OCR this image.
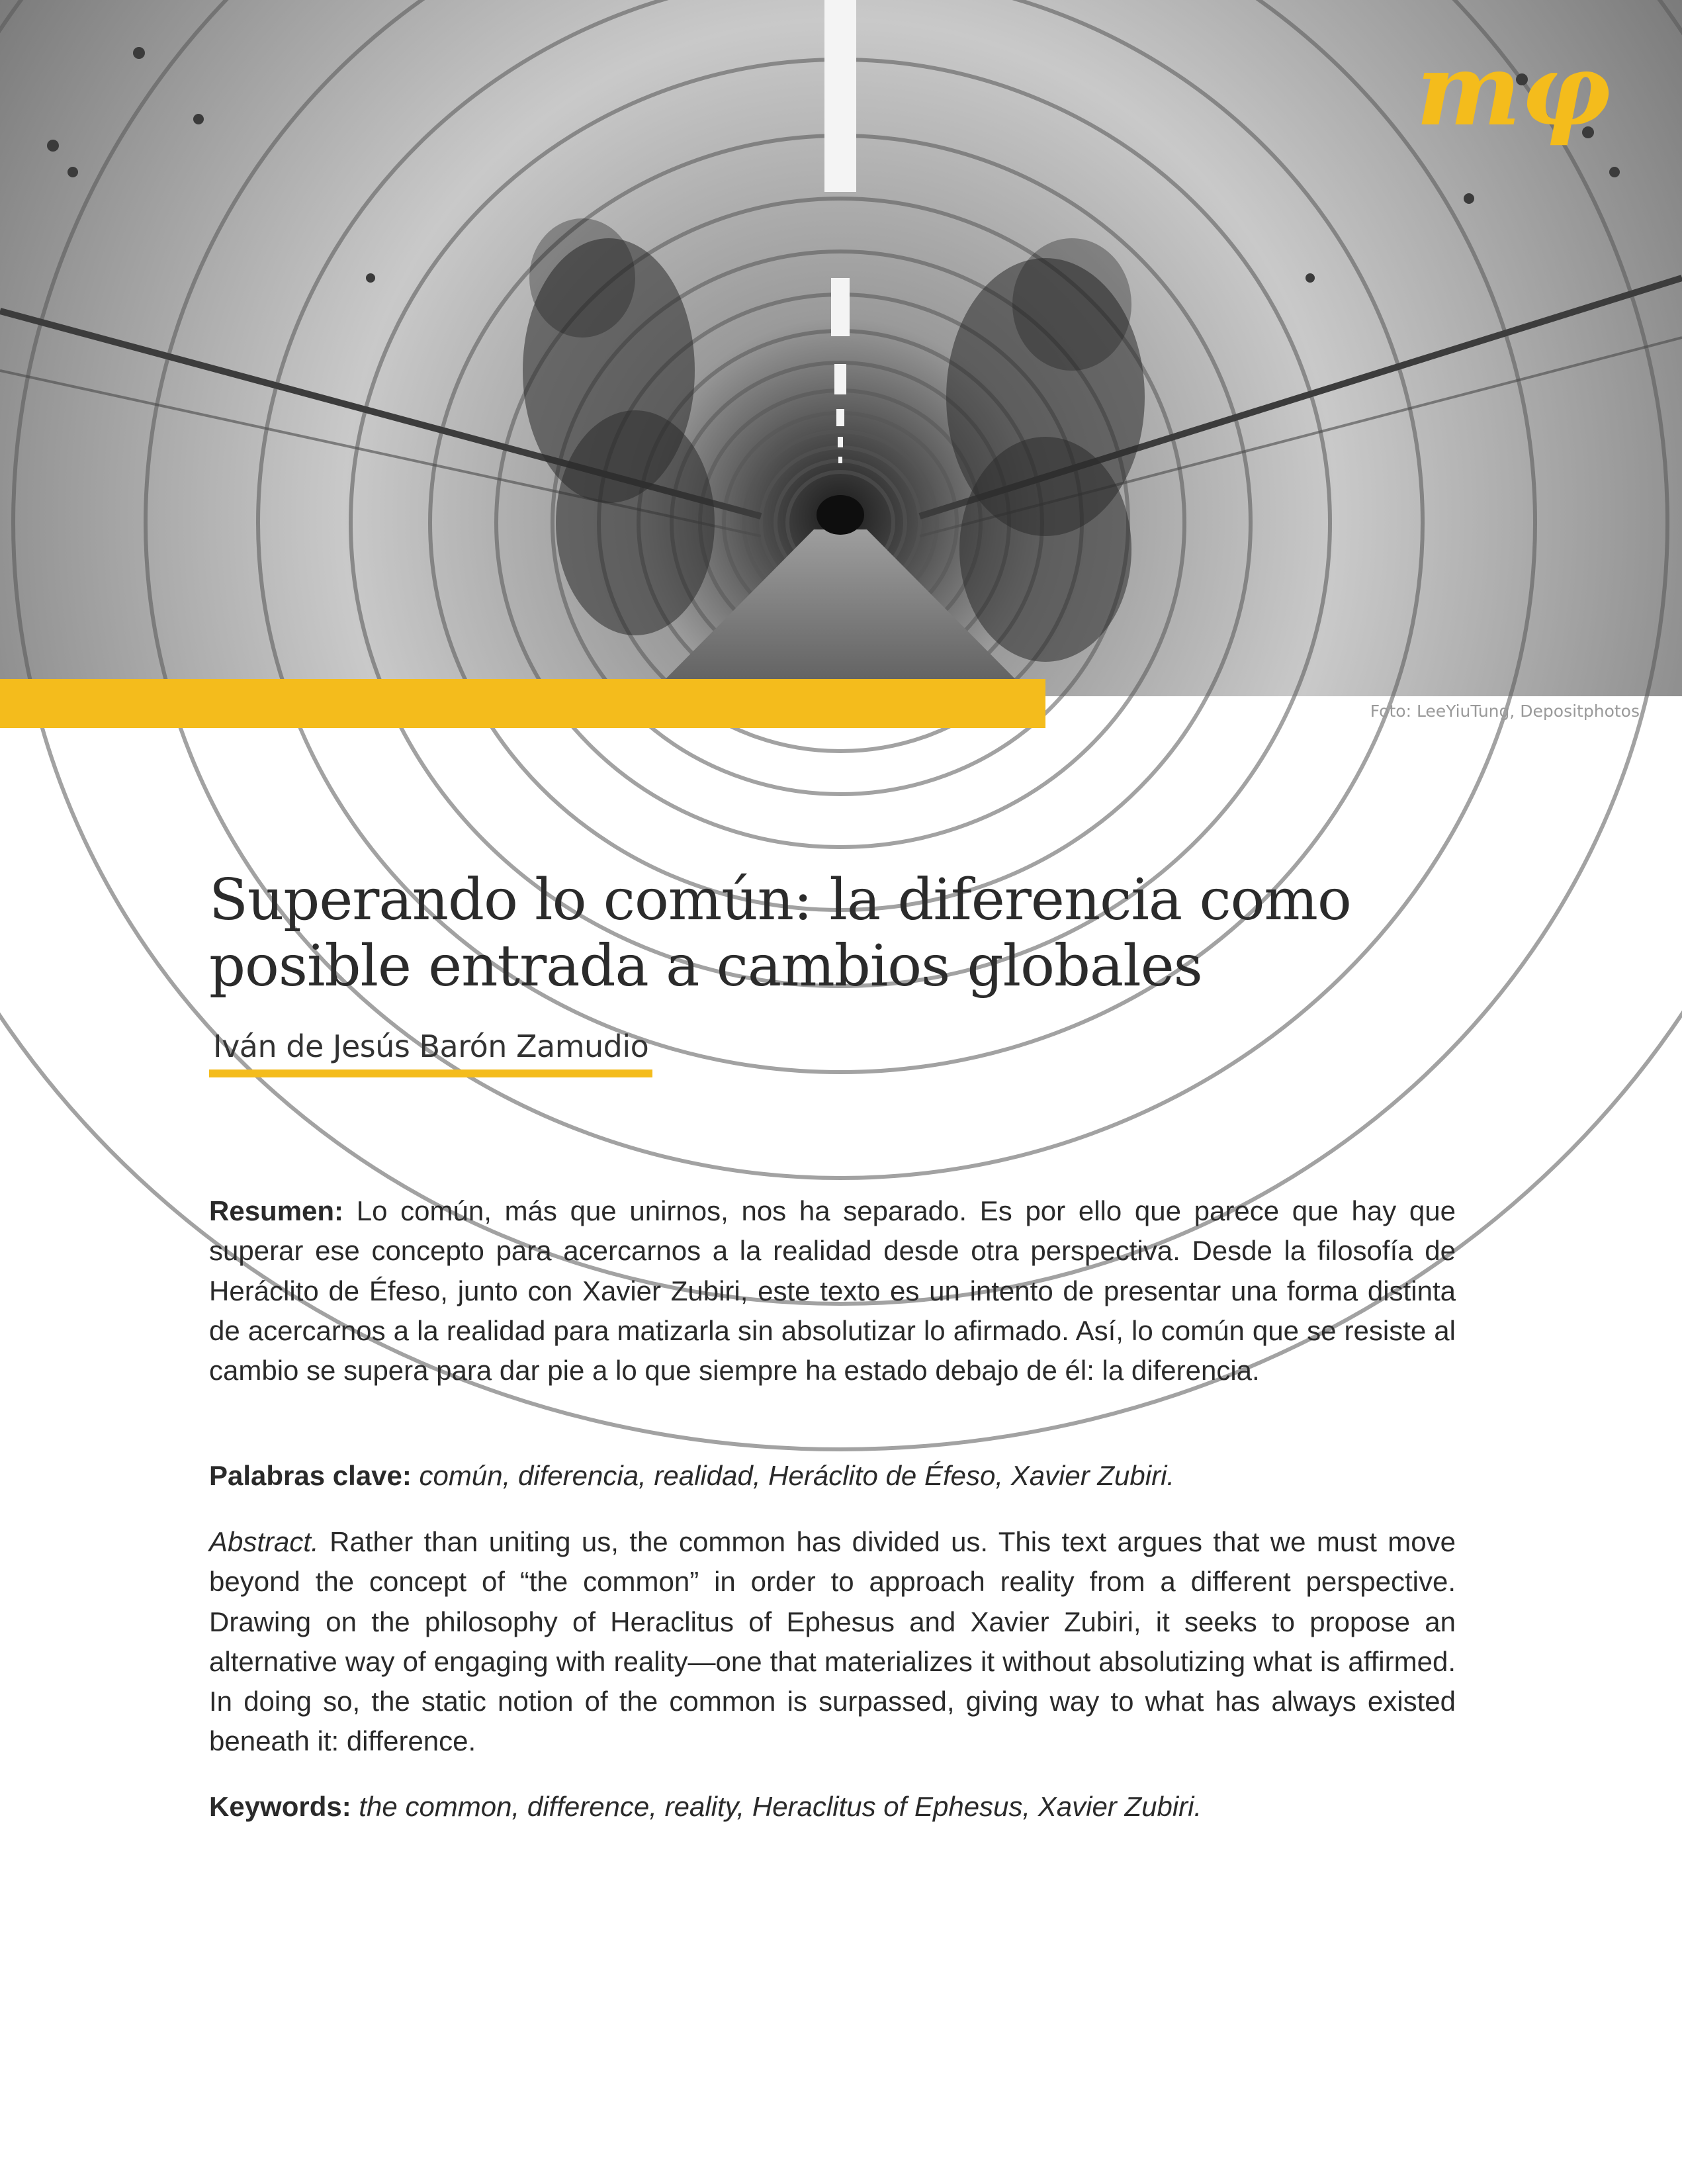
Foto: LeeYiuTung, Depositphotos
mφ
Superando lo común: la diferencia como
posible entrada a cambios globales
Iván de Jesús Barón Zamudio

Resumen: Lo común, más que unirnos, nos ha separado. Es por ello que parece que hay que superar ese concepto para acercarnos a la realidad desde otra perspectiva. Desde la filosofía de Heráclito de Éfeso, junto con Xavier Zubiri, este texto es un intento de presentar una forma distinta de acercarnos a la realidad para matizarla sin absolutizar lo afirmado. Así, lo común que se resiste al cambio se supera para dar pie a lo que siempre ha estado debajo de él: la diferencia.

Palabras clave: común, diferencia, realidad, Heráclito de Éfeso, Xavier Zubiri.

Abstract. Rather than uniting us, the common has divided us. This text argues that we must move beyond the concept of “the common” in order to approach reality from a different perspective. Drawing on the philosophy of Heraclitus of Ephesus and Xavier Zubiri, it seeks to propose an alternative way of engaging with reality—one that materializes it without absolutizing what is affirmed. In doing so, the static notion of the common is surpassed, giving way to what has always existed beneath it: difference.

Keywords: the common, difference, reality, Heraclitus of Ephesus, Xavier Zubiri.
